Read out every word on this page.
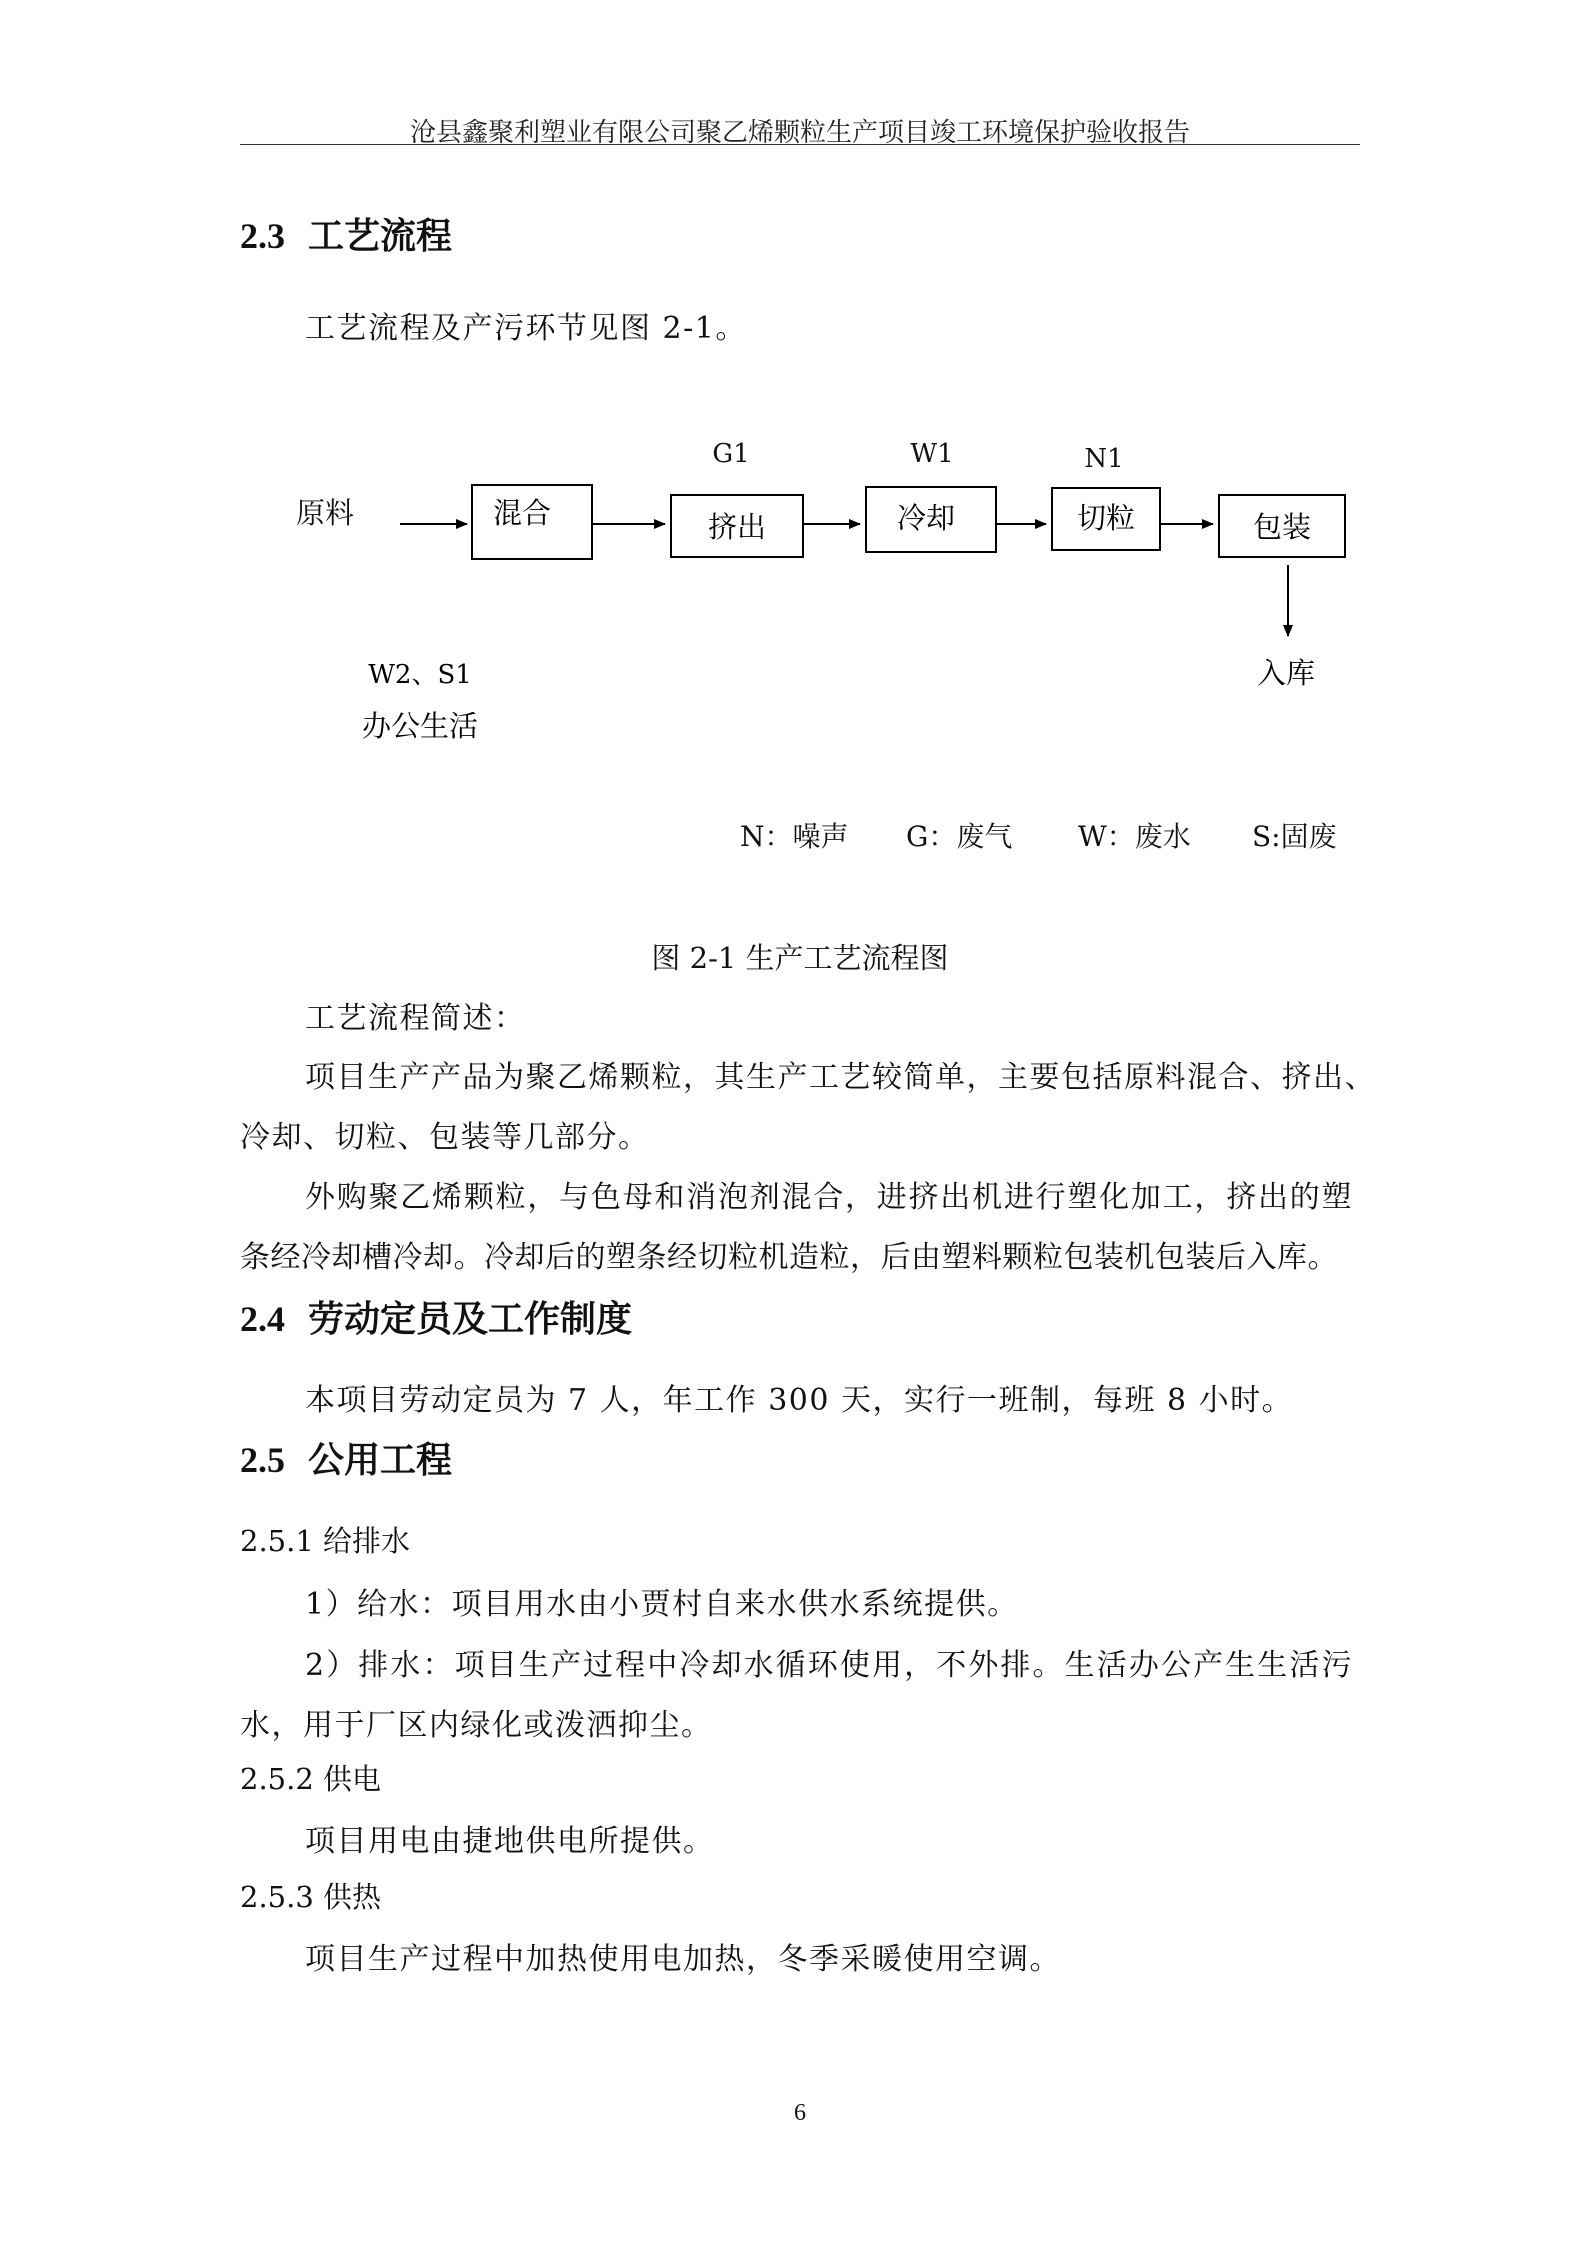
沧县鑫聚利塑业有限公司聚乙烯颗粒生产项目竣工环境保护验收报告
2.3 工艺流程
工艺流程及产污环节见图 2-1。
原料	混合	挤出	冷却	切粒	包装
G1	W1	N1
入库
W2、S1
办公生活
N：噪声 G：废气 W：废水 S:固废
图 2-1 生产工艺流程图
工艺流程简述：
项目生产产品为聚乙烯颗粒，其生产工艺较简单，主要包括原料混合、挤出、
冷却、切粒、包装等几部分。
外购聚乙烯颗粒，与色母和消泡剂混合，进挤出机进行塑化加工，挤出的塑
条经冷却槽冷却。冷却后的塑条经切粒机造粒，后由塑料颗粒包装机包装后入库。
2.4 劳动定员及工作制度
本项目劳动定员为 7 人，年工作 300 天，实行一班制，每班 8 小时。
2.5 公用工程
2.5.1 给排水
1）给水：项目用水由小贾村自来水供水系统提供。
2）排水：项目生产过程中冷却水循环使用，不外排。生活办公产生生活污
水，用于厂区内绿化或泼洒抑尘。
2.5.2 供电
项目用电由捷地供电所提供。
2.5.3 供热
项目生产过程中加热使用电加热，冬季采暖使用空调。
6
